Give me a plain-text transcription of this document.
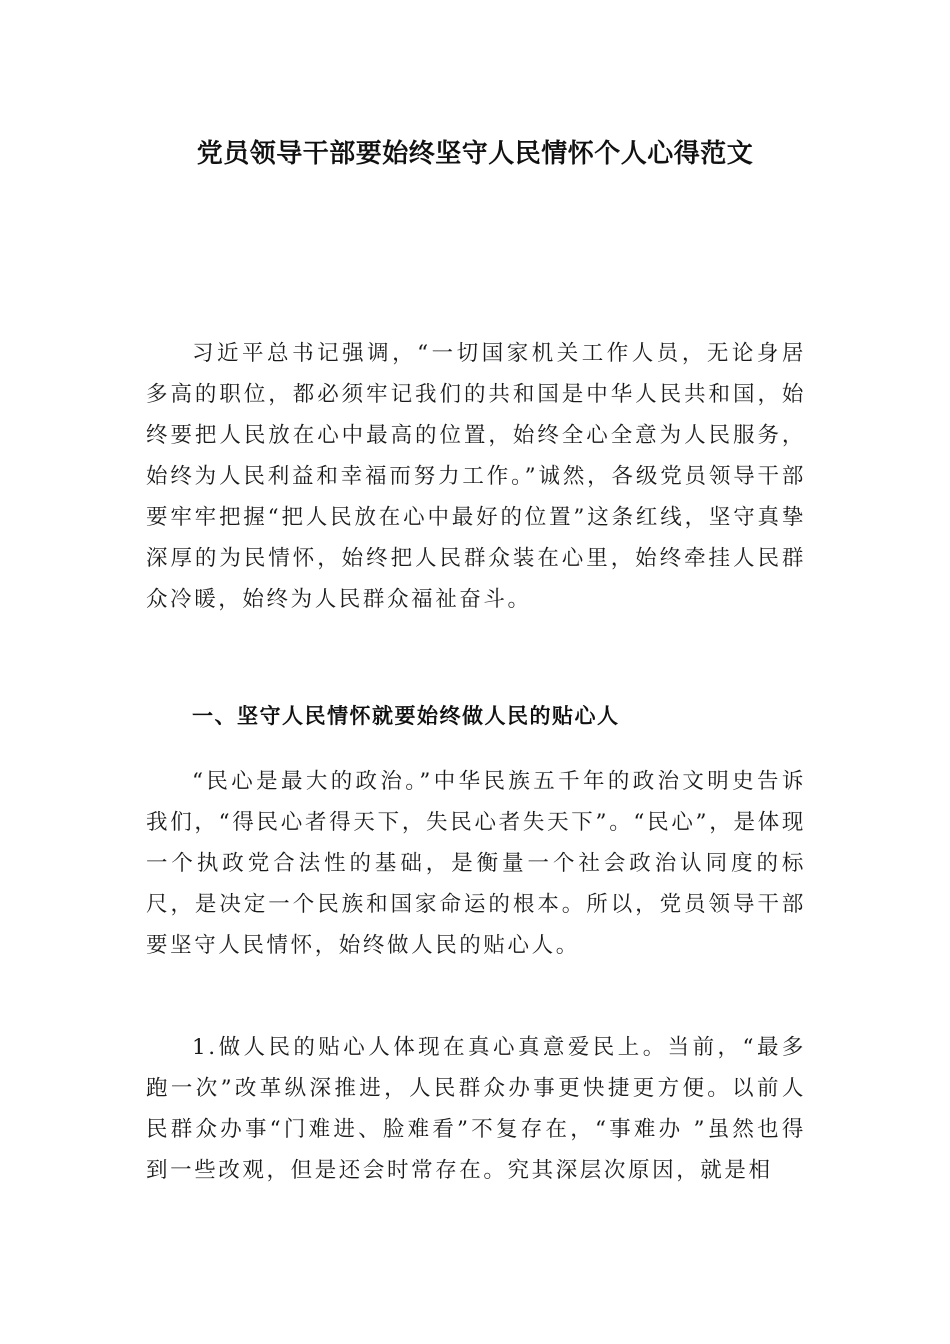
党员领导干部要始终坚守人民情怀个人心得范文

习近平总书记强调，“一切国家机关工作人员，无论身居多高的职位，都必须牢记我们的共和国是中华人民共和国，始终要把人民放在心中最高的位置，始终全心全意为人民服务，始终为人民利益和幸福而努力工作。”诚然，各级党员领导干部要牢牢把握“把人民放在心中最好的位置”这条红线，坚守真挚深厚的为民情怀，始终把人民群众装在心里，始终牵挂人民群众冷暖，始终为人民群众福祉奋斗。

一、坚守人民情怀就要始终做人民的贴心人

“民心是最大的政治。”中华民族五千年的政治文明史告诉我们，“得民心者得天下，失民心者失天下”。“民心”，是体现一个执政党合法性的基础，是衡量一个社会政治认同度的标尺，是决定一个民族和国家命运的根本。所以，党员领导干部要坚守人民情怀，始终做人民的贴心人。

1.做人民的贴心人体现在真心真意爱民上。当前，“最多跑一次”改革纵深推进，人民群众办事更快捷更方便。以前人民群众办事“门难进、脸难看”不复存在，“事难办 ”虽然也得到一些改观，但是还会时常存在。究其深层次原因，就是相
